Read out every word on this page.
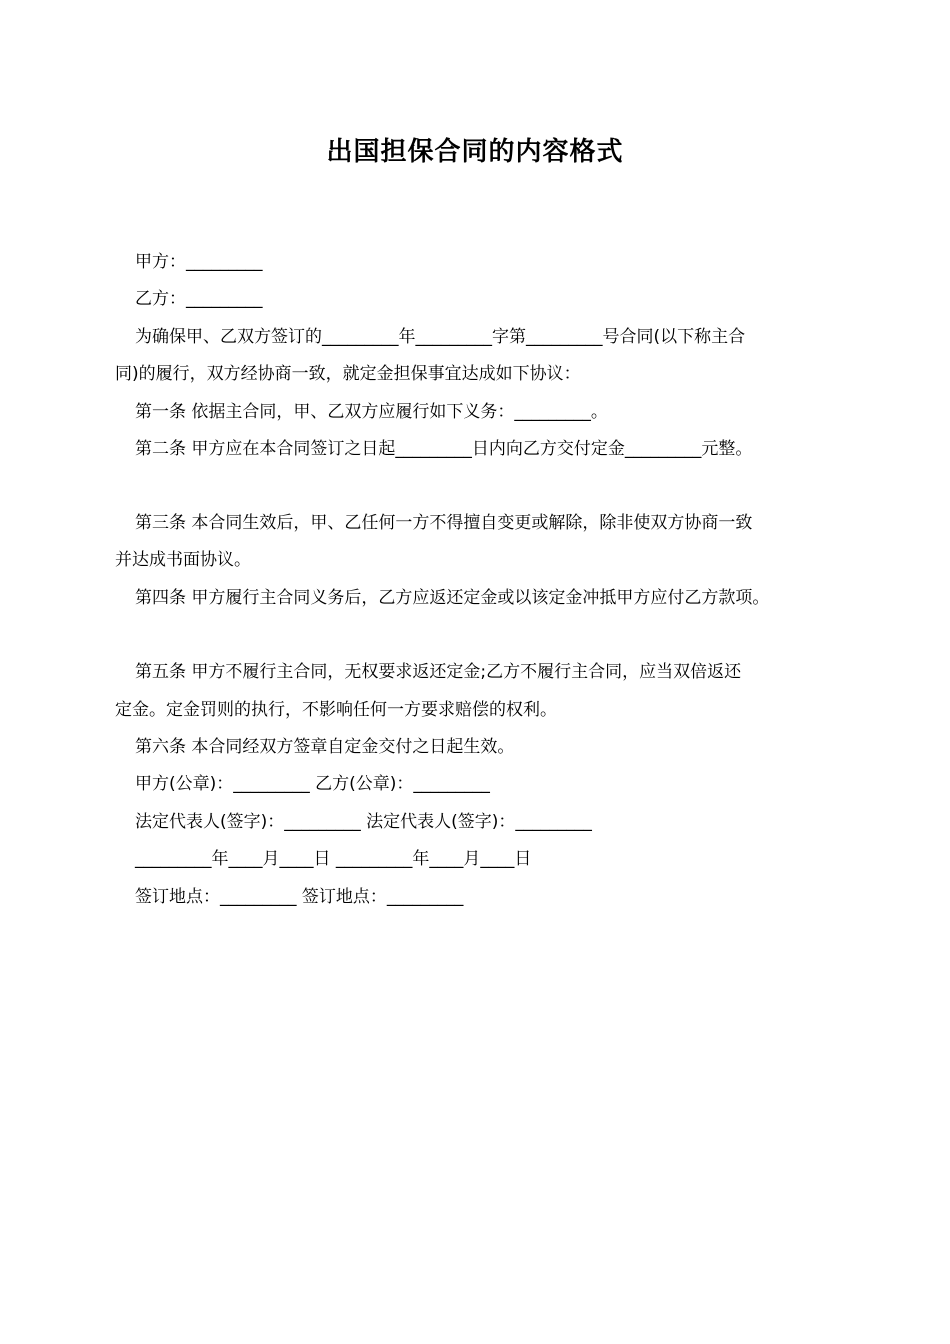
出国担保合同的内容格式
甲方：_________
乙方：_________
为确保甲、乙双方签订的_________年_________字第_________号合同(以下称主合
同)的履行，双方经协商一致，就定金担保事宜达成如下协议：
第一条 依据主合同，甲、乙双方应履行如下义务：_________。
第二条 甲方应在本合同签订之日起_________日内向乙方交付定金_________元整。
第三条 本合同生效后，甲、乙任何一方不得擅自变更或解除，除非使双方协商一致
并达成书面协议。
第四条 甲方履行主合同义务后，乙方应返还定金或以该定金冲抵甲方应付乙方款项。
第五条 甲方不履行主合同，无权要求返还定金;乙方不履行主合同，应当双倍返还
定金。定金罚则的执行，不影响任何一方要求赔偿的权利。
第六条 本合同经双方签章自定金交付之日起生效。
甲方(公章)：_________ 乙方(公章)：_________
法定代表人(签字)：_________ 法定代表人(签字)：_________
_________年____月____日 _________年____月____日
签订地点：_________ 签订地点：_________
